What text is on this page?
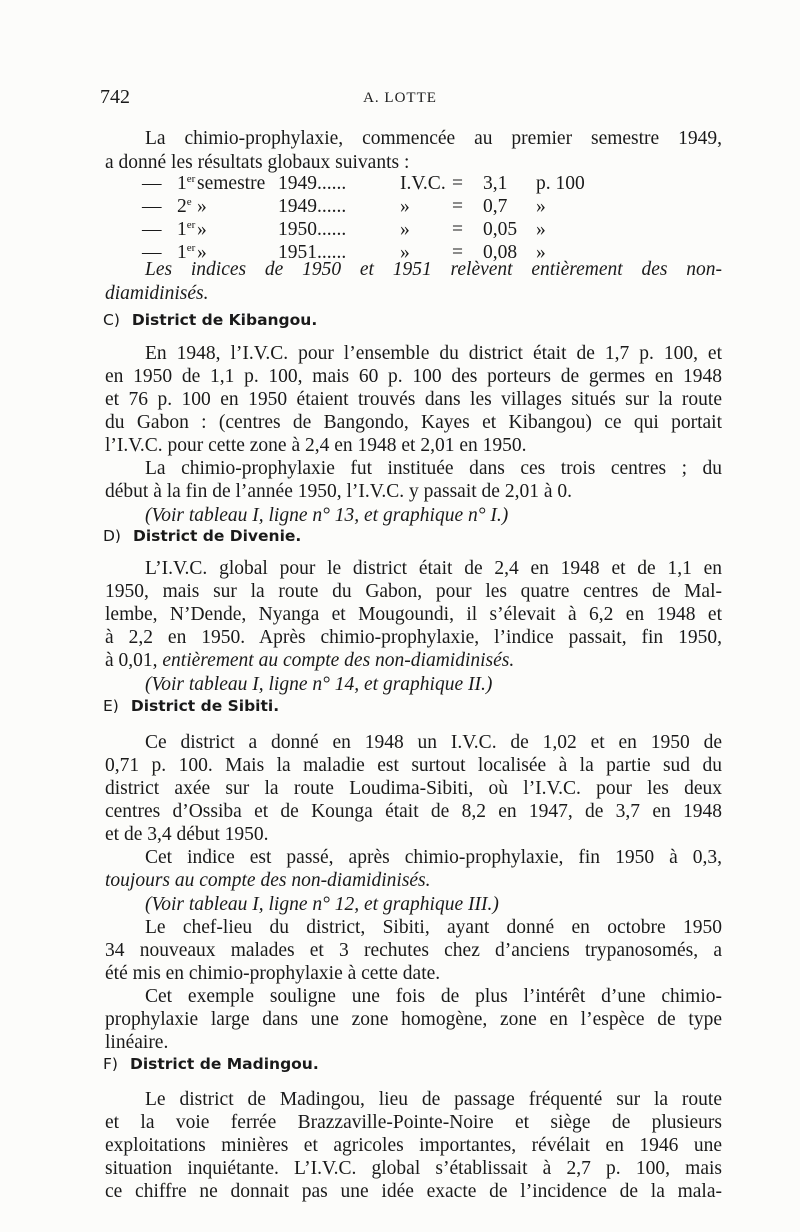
742	A. LOTTE
La chimio-prophylaxie, commencée au premier semestre 1949,
a donné les résultats globaux suivants :
— 1er semestre 1949......	I.V.C. = 3,1 p. 100
— 2e »	1949......	» = 0,7 »
— 1er »	1950......	» = 0,05 »
— 1er »	1951......	» = 0,08 »
Les indices de 1950 et 1951 relèvent entièrement des non-
diamidinisés.
C) District de Kibangou.
En 1948, l’I.V.C. pour l’ensemble du district était de 1,7 p. 100, et
en 1950 de 1,1 p. 100, mais 60 p. 100 des porteurs de germes en 1948
et 76 p. 100 en 1950 étaient trouvés dans les villages situés sur la route
du Gabon : (centres de Bangondo, Kayes et Kibangou) ce qui portait
l’I.V.C. pour cette zone à 2,4 en 1948 et 2,01 en 1950.
La chimio-prophylaxie fut instituée dans ces trois centres ; du
début à la fin de l’année 1950, l’I.V.C. y passait de 2,01 à 0.
(Voir tableau I, ligne n° 13, et graphique n° I.)
D) District de Divenie.
L’I.V.C. global pour le district était de 2,4 en 1948 et de 1,1 en
1950, mais sur la route du Gabon, pour les quatre centres de Mal-
lembe, N’Dende, Nyanga et Mougoundi, il s’élevait à 6,2 en 1948 et
à 2,2 en 1950. Après chimio-prophylaxie, l’indice passait, fin 1950,
à 0,01, entièrement au compte des non-diamidinisés.
(Voir tableau I, ligne n° 14, et graphique II.)
E) District de Sibiti.
Ce district a donné en 1948 un I.V.C. de 1,02 et en 1950 de
0,71 p. 100. Mais la maladie est surtout localisée à la partie sud du
district axée sur la route Loudima-Sibiti, où l’I.V.C. pour les deux
centres d’Ossiba et de Kounga était de 8,2 en 1947, de 3,7 en 1948
et de 3,4 début 1950.
Cet indice est passé, après chimio-prophylaxie, fin 1950 à 0,3,
toujours au compte des non-diamidinisés.
(Voir tableau I, ligne n° 12, et graphique III.)
Le chef-lieu du district, Sibiti, ayant donné en octobre 1950
34 nouveaux malades et 3 rechutes chez d’anciens trypanosomés, a
été mis en chimio-prophylaxie à cette date.
Cet exemple souligne une fois de plus l’intérêt d’une chimio-
prophylaxie large dans une zone homogène, zone en l’espèce de type
linéaire.
F) District de Madingou.
Le district de Madingou, lieu de passage fréquenté sur la route
et la voie ferrée Brazzaville-Pointe-Noire et siège de plusieurs
exploitations minières et agricoles importantes, révélait en 1946 une
situation inquiétante. L’I.V.C. global s’établissait à 2,7 p. 100, mais
ce chiffre ne donnait pas une idée exacte de l’incidence de la mala-
